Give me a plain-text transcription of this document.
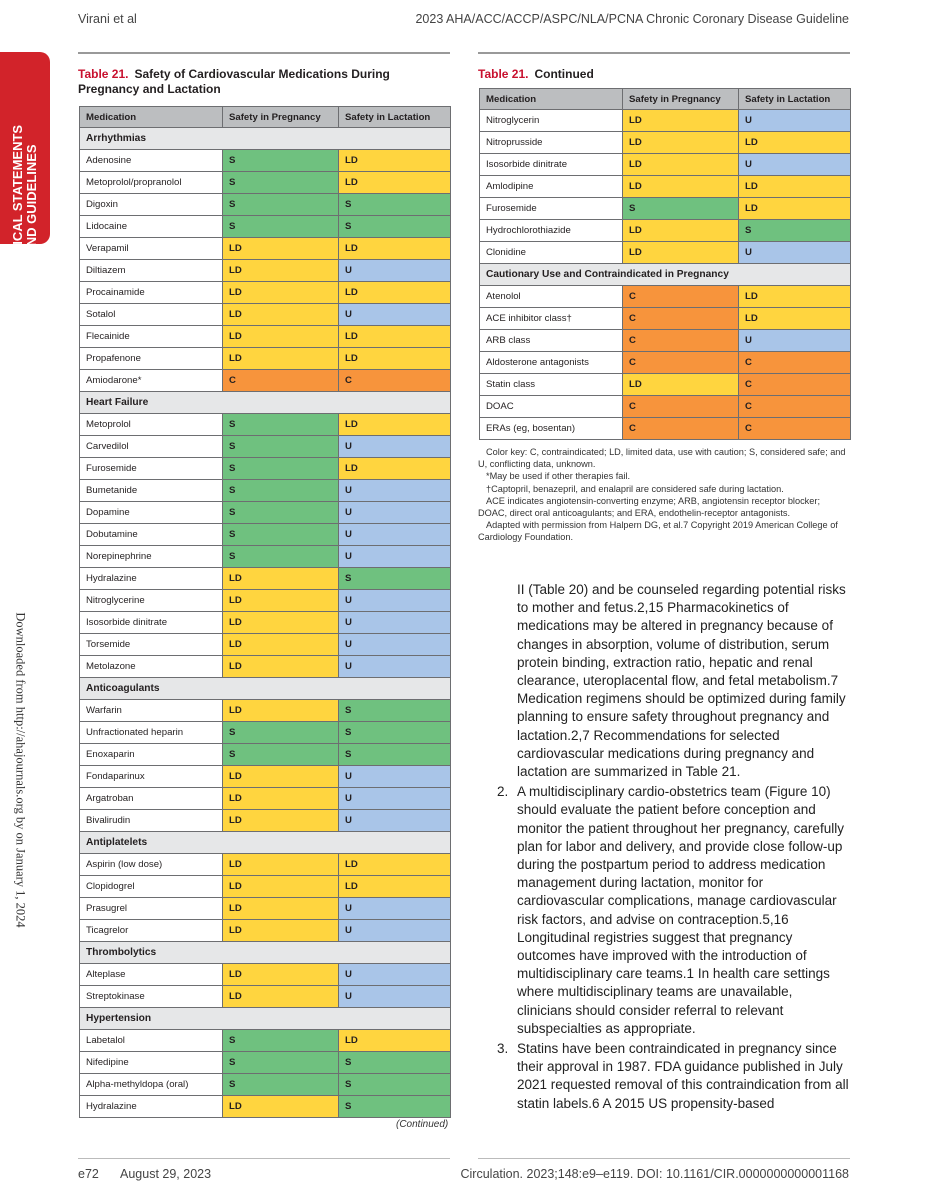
Virani et al	2023 AHA/ACC/ACCP/ASPC/NLA/PCNA Chronic Coronary Disease Guideline
CLINICAL STATEMENTS
AND GUIDELINES
Downloaded from http://ahajournals.org by on January 1, 2024
Table 21. Safety of Cardiovascular Medications During Pregnancy and Lactation
Medication	Safety in Pregnancy	Safety in Lactation
Arrhythmias		
Adenosine	S	LD
Metoprolol/propranolol	S	LD
Digoxin	S	S
Lidocaine	S	S
Verapamil	LD	LD
Diltiazem	LD	U
Procainamide	LD	LD
Sotalol	LD	U
Flecainide	LD	LD
Propafenone	LD	LD
Amiodarone*	C	C
Heart Failure		
Metoprolol	S	LD
Carvedilol	S	U
Furosemide	S	LD
Bumetanide	S	U
Dopamine	S	U
Dobutamine	S	U
Norepinephrine	S	U
Hydralazine	LD	S
Nitroglycerine	LD	U
Isosorbide dinitrate	LD	U
Torsemide	LD	U
Metolazone	LD	U
Anticoagulants		
Warfarin	LD	S
Unfractionated heparin	S	S
Enoxaparin	S	S
Fondaparinux	LD	U
Argatroban	LD	U
Bivalirudin	LD	U
Antiplatelets		
Aspirin (low dose)	LD	LD
Clopidogrel	LD	LD
Prasugrel	LD	U
Ticagrelor	LD	U
Thrombolytics		
Alteplase	LD	U
Streptokinase	LD	U
Hypertension		
Labetalol	S	LD
Nifedipine	S	S
Alpha-methyldopa (oral)	S	S
Hydralazine	LD	S
(Continued)
Table 21. Continued
Medication	Safety in Pregnancy	Safety in Lactation
Nitroglycerin	LD	U
Nitroprusside	LD	LD
Isosorbide dinitrate	LD	U
Amlodipine	LD	LD
Furosemide	S	LD
Hydrochlorothiazide	LD	S
Clonidine	LD	U
Cautionary Use and Contraindicated in Pregnancy		
Atenolol	C	LD
ACE inhibitor class†	C	LD
ARB class	C	U
Aldosterone antagonists	C	C
Statin class	LD	C
DOAC	C	C
ERAs (eg, bosentan)	C	C

Color key: C, contraindicated; LD, limited data, use with caution; S, considered safe; and U, conflicting data, unknown.

*May be used if other therapies fail.

†Captopril, benazepril, and enalapril are considered safe during lactation.

ACE indicates angiotensin-converting enzyme; ARB, angiotensin receptor blocker; DOAC, direct oral anticoagulants; and ERA, endothelin-receptor antagonists.

Adapted with permission from Halpern DG, et al.7 Copyright 2019 American College of Cardiology Foundation.

II (Table 20) and be counseled regarding potential risks to mother and fetus.2,15 Pharmacokinetics of medications may be altered in pregnancy because of changes in absorption, volume of distribution, serum protein binding, extraction ratio, hepatic and renal clearance, uteroplacental flow, and fetal metabolism.7 Medication regimens should be optimized during family planning to ensure safety throughout pregnancy and lactation.2,7 Recommendations for selected cardiovascular medications during pregnancy and lactation are summarized in Table 21.
2. A multidisciplinary cardio-obstetrics team (Figure 10) should evaluate the patient before conception and monitor the patient throughout her pregnancy, carefully plan for labor and delivery, and provide close follow-up during the postpartum period to address medication management during lactation, monitor for cardiovascular complications, manage cardiovascular risk factors, and advise on contraception.5,16 Longitudinal registries suggest that pregnancy outcomes have improved with the introduction of multidisciplinary care teams.1 In health care settings where multidisciplinary teams are unavailable, clinicians should consider referral to relevant subspecialties as appropriate.
3. Statins have been contraindicated in pregnancy since their approval in 1987. FDA guidance published in July 2021 requested removal of this contraindication from all statin labels.6 A 2015 US propensity-based
e72 August 29, 2023	Circulation. 2023;148:e9–e119. DOI: 10.1161/CIR.0000000000001168
